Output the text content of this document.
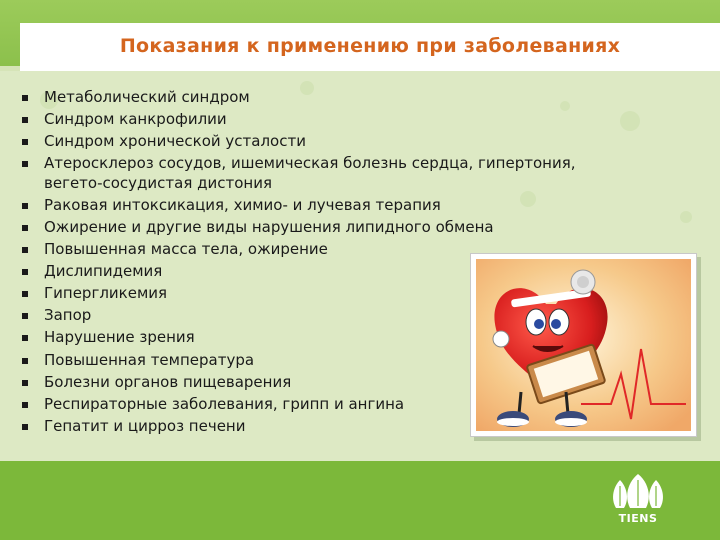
Показания к применению при заболеваниях
Метаболический синдром
Синдром канкрофилии
Синдром хронической усталости
Атеросклероз сосудов, ишемическая болезнь сердца, гипертония, вегето-сосудистая дистония
Раковая интоксикация, химио- и лучевая терапия
Ожирение и другие виды нарушения липидного обмена
Повышенная масса тела, ожирение
Дислипидемия
Гипергликемия
Запор
Нарушение зрения
Повышенная температура
Болезни органов пищеварения
Респираторные заболевания, грипп и ангина
Гепатит и цирроз печени
TIENS
